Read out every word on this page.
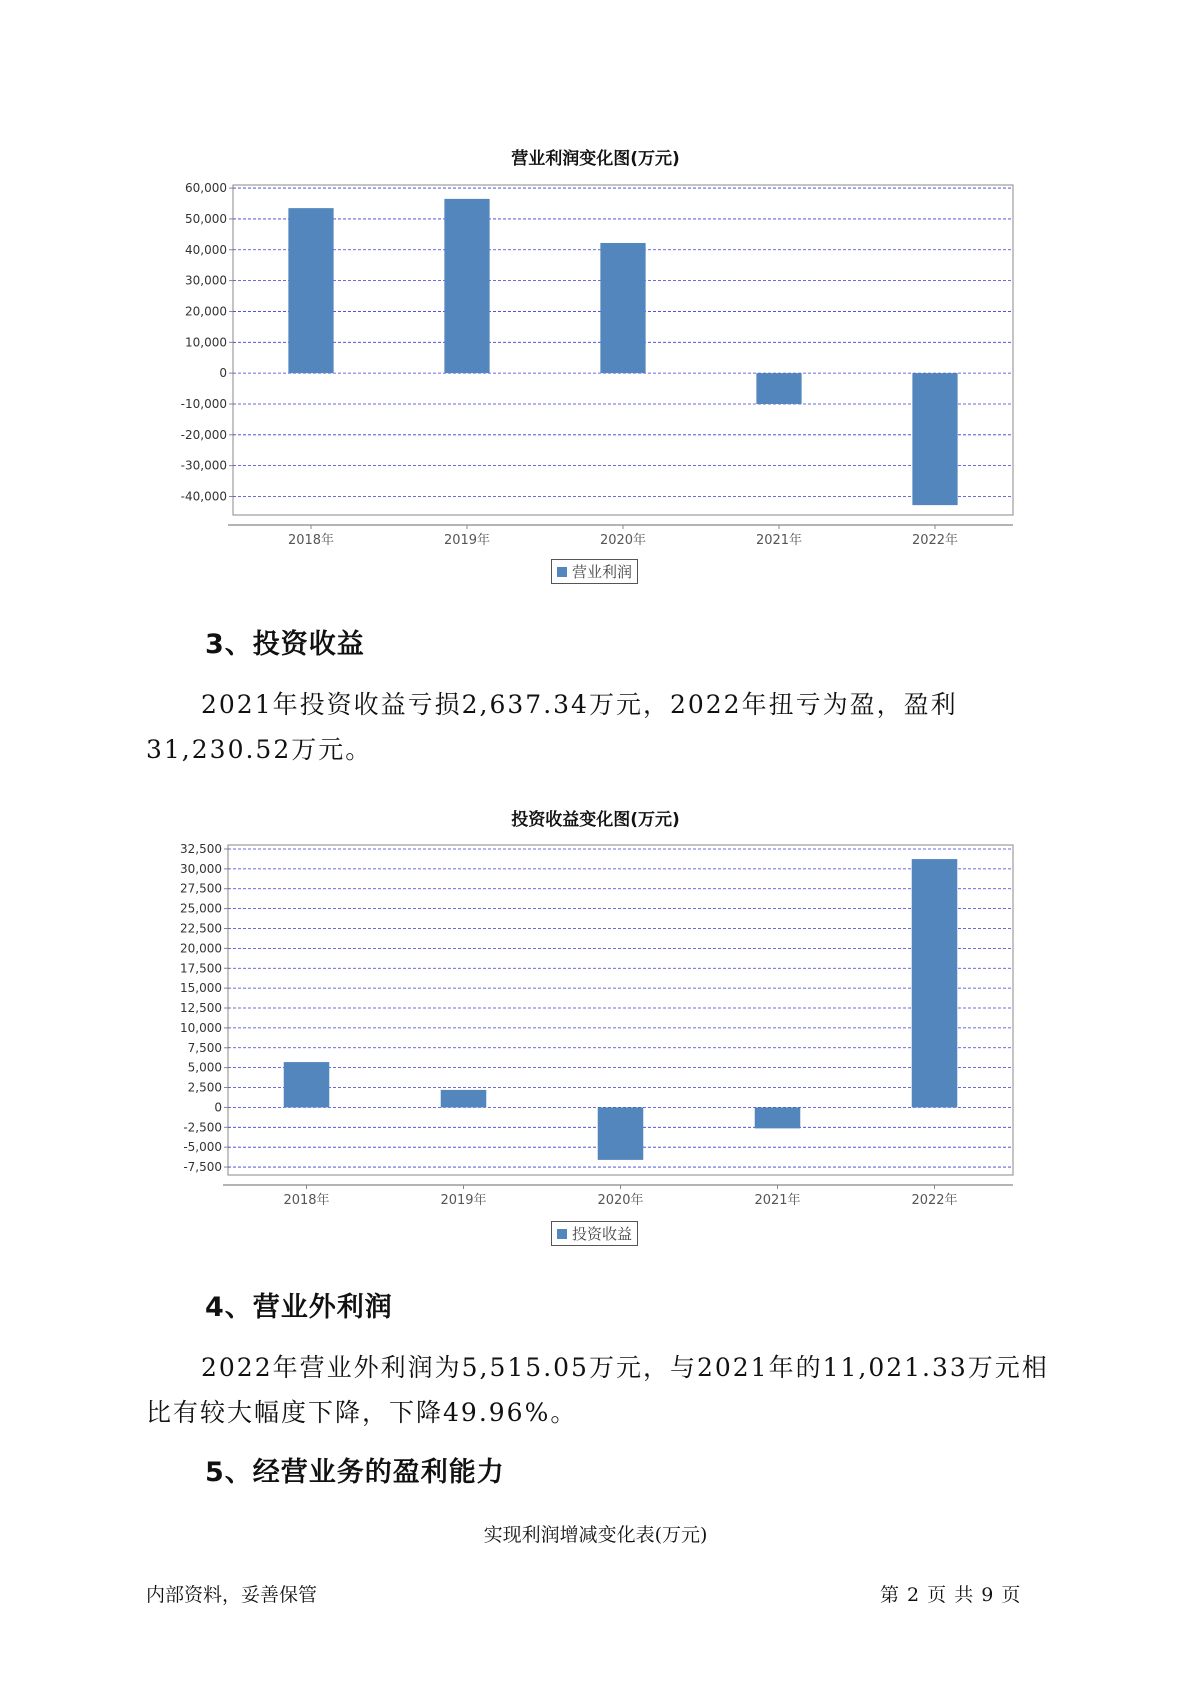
营业利润变化图(万元)
60,000
50,000
40,000
30,000
20,000
10,000
0
-10,000
-20,000
-30,000
-40,000
2018年	2019年	2020年	2021年	2022年
营业利润
3、投资收益

2021年投资收益亏损2,637.34万元，2022年扭亏为盈，盈利31,230.52万元。

投资收益变化图(万元)
32,500
30,000
27,500
25,000
22,500
20,000
17,500
15,000
12,500
10,000
7,500
5,000
2,500
0
-2,500
-5,000
-7,500
2018年	2019年	2020年	2021年	2022年
投资收益
4、营业外利润

2022年营业外利润为5,515.05万元，与2021年的11,021.33万元相比有较大幅度下降，下降49.96%。

5、经营业务的盈利能力
实现利润增减变化表(万元)
内部资料，妥善保管	第 2 页 共 9 页
